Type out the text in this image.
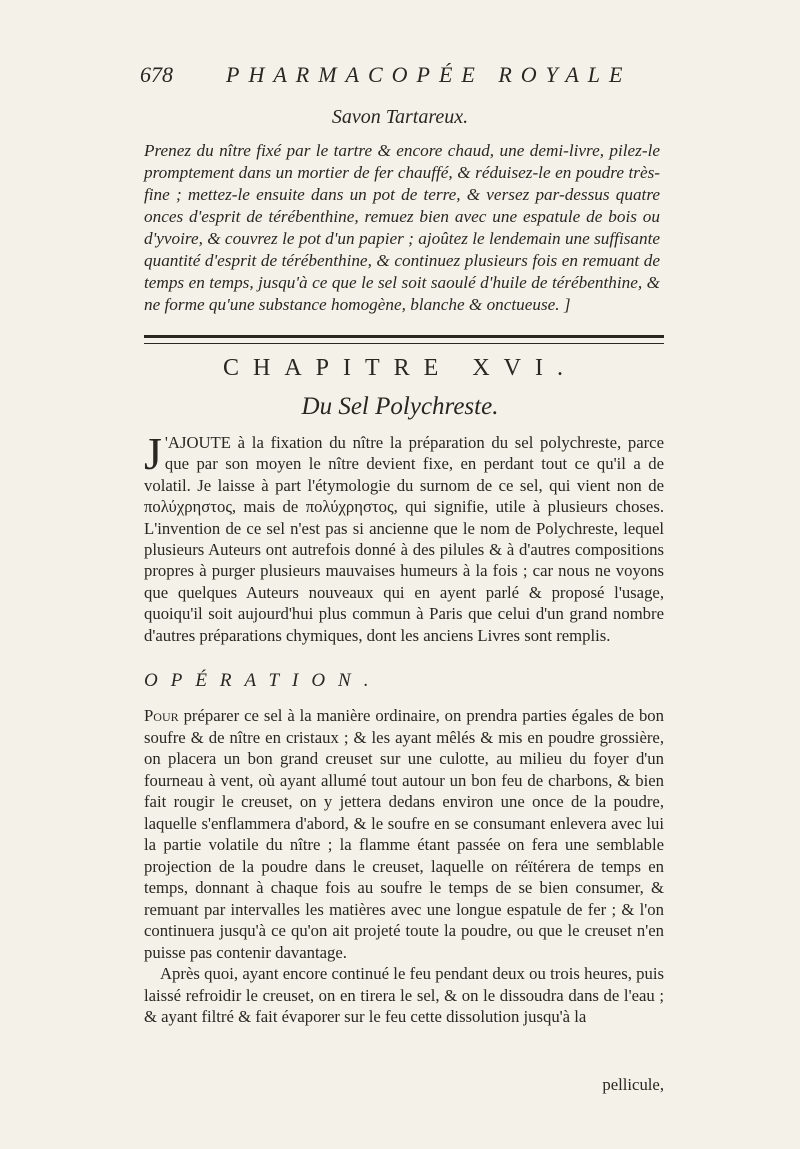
678 PHARMACOPÉE ROYALE
Savon Tartareux.
Prenez du nître fixé par le tartre & encore chaud, une demi-livre, pilez-le promptement dans un mortier de fer chauffé, & réduisez-le en poudre très-fine ; mettez-le ensuite dans un pot de terre, & versez par-dessus quatre onces d'esprit de térébenthine, remuez bien avec une espatule de bois ou d'yvoire, & couvrez le pot d'un papier ; ajoûtez le lendemain une suffisante quantité d'esprit de térébenthine, & continuez plusieurs fois en remuant de temps en temps, jusqu'à ce que le sel soit saoulé d'huile de térébenthine, & ne forme qu'une substance homogène, blanche & onctueuse. ]
CHAPITRE XVI.
Du Sel Polychreste.
J 'AJOUTE à la fixation du nître la préparation du sel polychreste, parce que par son moyen le nître devient fixe, en perdant tout ce qu'il a de volatil. Je laisse à part l'étymologie du surnom de ce sel, qui vient non de πολύχρηστος, mais de πολύχρηστος, qui signifie, utile à plusieurs choses. L'invention de ce sel n'est pas si ancienne que le nom de Polychreste, lequel plusieurs Auteurs ont autrefois donné à des pilules & à d'autres compositions propres à purger plusieurs mauvaises humeurs à la fois ; car nous ne voyons que quelques Auteurs nouveaux qui en ayent parlé & proposé l'usage, quoiqu'il soit aujourd'hui plus commun à Paris que celui d'un grand nombre d'autres préparations chymiques, dont les anciens Livres sont remplis.
OPÉRATION.

Pour préparer ce sel à la manière ordinaire, on prendra parties égales de bon soufre & de nître en cristaux ; & les ayant mêlés & mis en poudre grossière, on placera un bon grand creuset sur une culotte, au milieu du foyer d'un fourneau à vent, où ayant allumé tout autour un bon feu de charbons, & bien fait rougir le creuset, on y jettera dedans environ une once de la poudre, laquelle s'enflammera d'abord, & le soufre en se consumant enlevera avec lui la partie volatile du nître ; la flamme étant passée on fera une semblable projection de la poudre dans le creuset, laquelle on réïtérera de temps en temps, donnant à chaque fois au soufre le temps de se bien consumer, & remuant par intervalles les matières avec une longue espatule de fer ; & l'on continuera jusqu'à ce qu'on ait projeté toute la poudre, ou que le creuset n'en puisse pas contenir davantage.

Après quoi, ayant encore continué le feu pendant deux ou trois heures, puis laissé refroidir le creuset, on en tirera le sel, & on le dissoudra dans de l'eau ; & ayant filtré & fait évaporer sur le feu cette dissolution jusqu'à la

pellicule,
